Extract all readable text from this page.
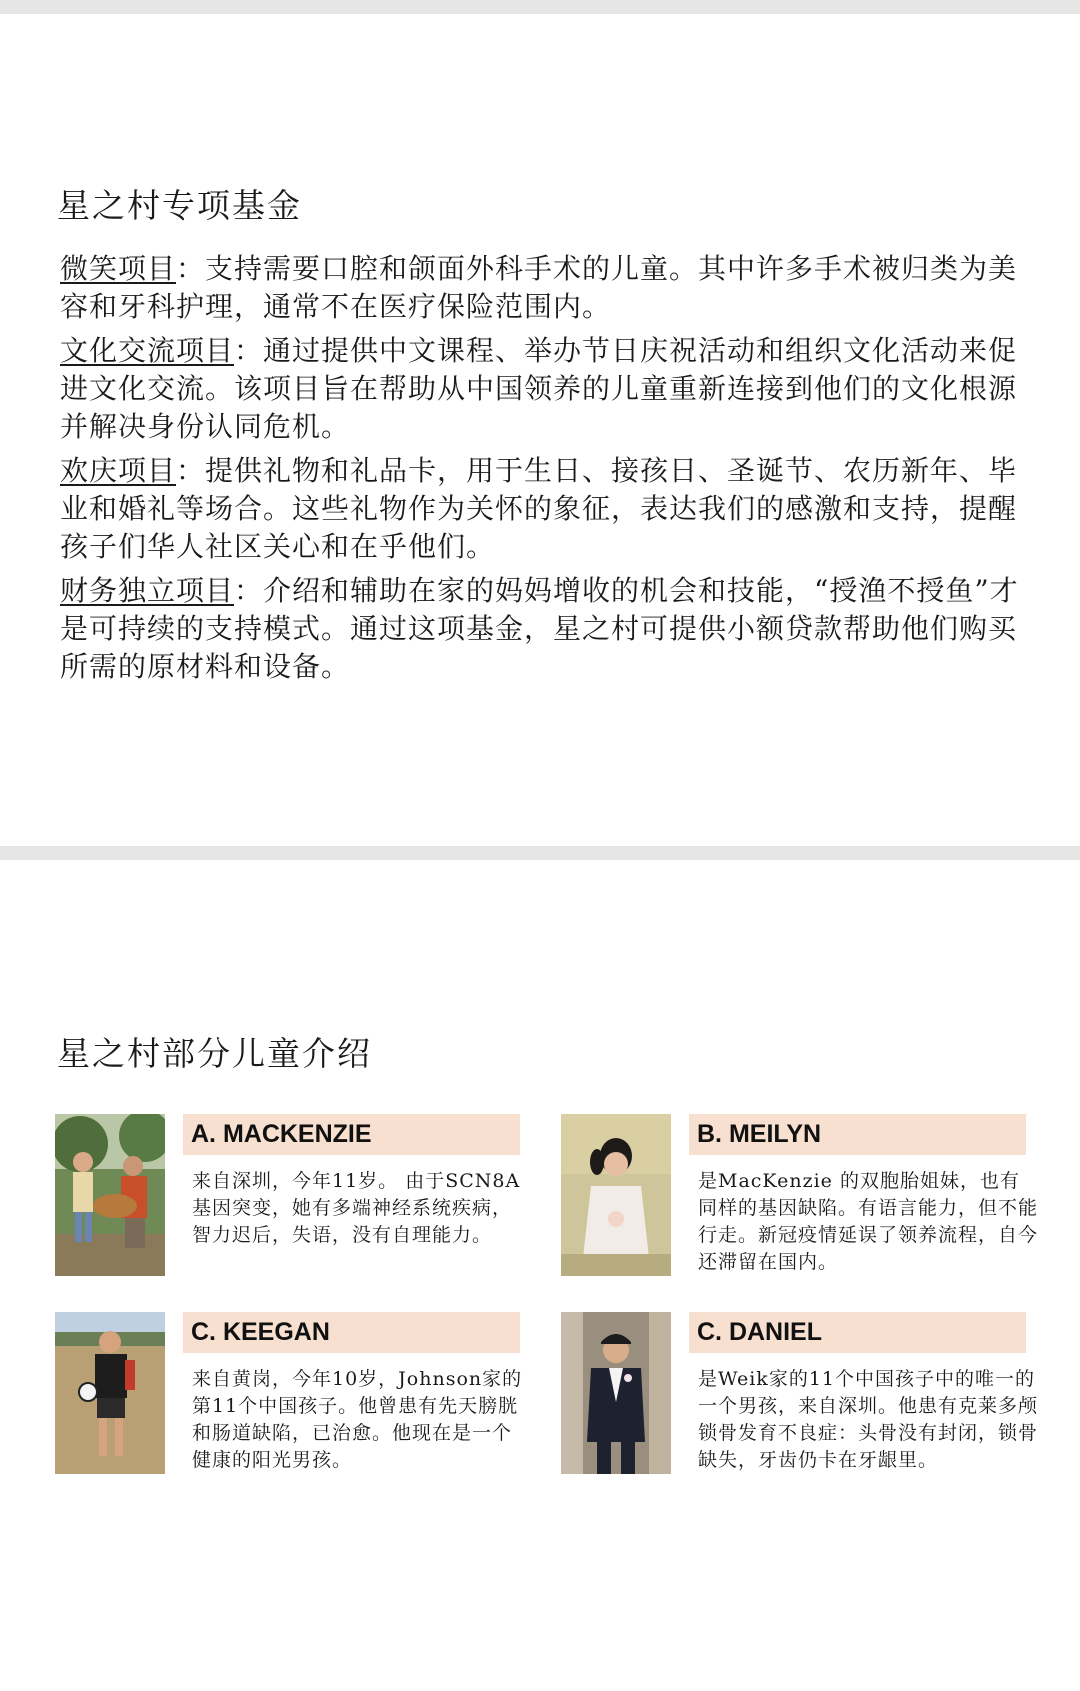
星之村专项基金

微笑项目：支持需要口腔和颌面外科手术的儿童。其中许多手术被归类为美容和牙科护理，通常不在医疗保险范围内。

文化交流项目：通过提供中文课程、举办节日庆祝活动和组织文化活动来促进文化交流。该项目旨在帮助从中国领养的儿童重新连接到他们的文化根源并解决身份认同危机。

欢庆项目：提供礼物和礼品卡，用于生日、接孩日、圣诞节、农历新年、毕业和婚礼等场合。这些礼物作为关怀的象征，表达我们的感激和支持，提醒孩子们华人社区关心和在乎他们。

财务独立项目：介绍和辅助在家的妈妈增收的机会和技能，“授渔不授鱼”才是可持续的支持模式。通过这项基金，星之村可提供小额贷款帮助他们购买所需的原材料和设备。

星之村部分儿童介绍
A. MACKENZIE

来自深圳，今年11岁。 由于SCN8A基因突变，她有多端神经系统疾病，智力迟后，失语，没有自理能力。

B. MEILYN

是MacKenzie 的双胞胎姐妹，也有同样的基因缺陷。有语言能力，但不能行走。新冠疫情延误了领养流程，自今还滞留在国内。

C. KEEGAN

来自黄岗，今年10岁，Johnson家的第11个中国孩子。他曾患有先天膀胱和肠道缺陷，已治愈。他现在是一个健康的阳光男孩。

C. DANIEL

是Weik家的11个中国孩子中的唯一的一个男孩，来自深圳。他患有克莱多颅锁骨发育不良症：头骨没有封闭，锁骨缺失，牙齿仍卡在牙龈里。
